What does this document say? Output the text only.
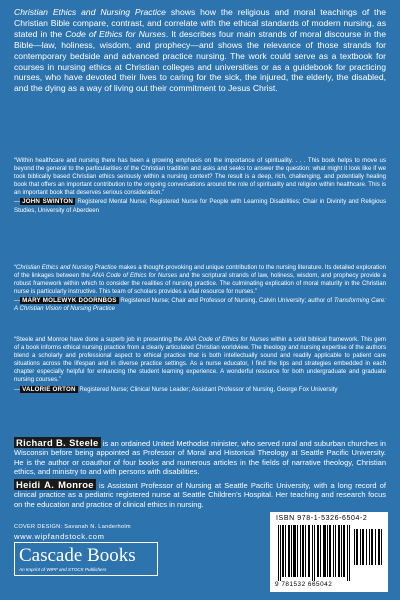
Christian Ethics and Nursing Practice shows how the religious and moral teachings of the Christian Bible compare, contrast, and correlate with the ethical standards of modern nursing, as stated in the Code of Ethics for Nurses. It describes four main strands of moral discourse in the Bible—law, holiness, wisdom, and prophecy—and shows the relevance of those strands for contemporary bedside and advanced practice nursing. The work could serve as a textbook for courses in nursing ethics at Christian colleges and universities or as a guidebook for practicing nurses, who have devoted their lives to caring for the sick, the injured, the elderly, the disabled, and the dying as a way of living out their commitment to Jesus Christ.

“Within healthcare and nursing there has been a growing emphasis on the importance of spirituality. . . . This book helps to move us beyond the general to the particularities of the Christian tradition and asks and seeks to answer the question: what might it look like if we took biblically based Christian ethics seriously within a nursing context? The result is a deep, rich, challenging, and potentially healing book that offers an important contribution to the ongoing conversations around the role of spirituality and religion within healthcare. This is an important book that deserves serious consideration.”
— JOHN SWINTON Registered Mental Nurse; Registered Nurse for People with Learning Disabilities; Chair in Divinity and Religious Studies, University of Aberdeen
“Christian Ethics and Nursing Practice makes a thought-provoking and unique contribution to the nursing literature. Its detailed exploration of the linkages between the ANA Code of Ethics for Nurses and the scriptural strands of law, holiness, wisdom, and prophecy provide a robust framework within which to consider the realities of nursing practice. The culminating explication of moral maturity in the Christian nurse is particularly instructive. This team of scholars provides a vital resource for nurses.”
— MARY MOLEWYK DOORNBOS Registered Nurse; Chair and Professor of Nursing, Calvin University; author of Transforming Care: A Christian Vision of Nursing Practice
“Steele and Monroe have done a superb job in presenting the ANA Code of Ethics for Nurses within a solid biblical framework. This gem of a book informs ethical nursing practice from a clearly articulated Christian worldview. The theology and nursing expertise of the authors blend a scholarly and professional aspect to ethical practice that is both intellectually sound and readily applicable to patient care situations across the lifespan and in diverse practice settings. As a nurse educator, I find the tips and strategies embedded in each chapter especially helpful for enhancing the student learning experience. A wonderful resource for both undergraduate and graduate nursing courses.”
— VALORIE ORTON Registered Nurse; Clinical Nurse Leader; Assistant Professor of Nursing, George Fox University

Richard B. Steele is an ordained United Methodist minister, who served rural and suburban churches in Wisconsin before being appointed as Professor of Moral and Historical Theology at Seattle Pacific University. He is the author or coauthor of four books and numerous articles in the fields of narrative theology, Christian ethics, and ministry to and with persons with disabilities.

Heidi A. Monroe is Assistant Professor of Nursing at Seattle Pacific University, with a long record of clinical practice as a pediatric registered nurse at Seattle Children’s Hospital. Her teaching and research focus on the education and practice of clinical ethics in nursing.

COVER DESIGN: Savanah N. Landerholm
www.wipfandstock.com
Cascade Books
An Imprint of WIPF and STOCK Publishers
ISBN 978-1-5326-6504-2
9 781532 665042
